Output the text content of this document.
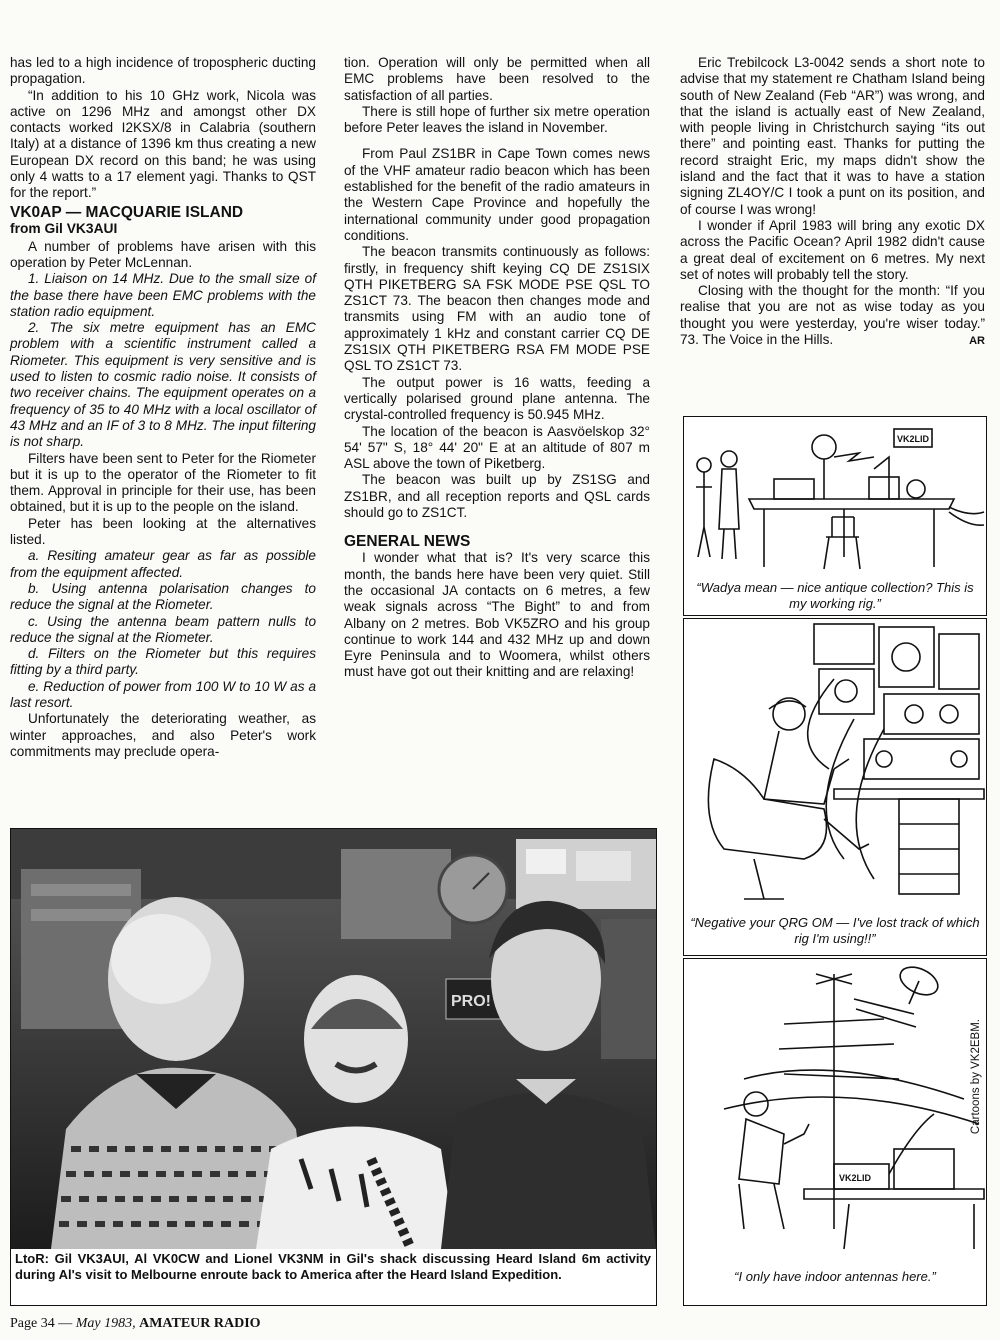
has led to a high incidence of tropospheric ducting propagation.

“In addition to his 10 GHz work, Nicola was active on 1296 MHz and amongst other DX contacts worked I2KSX/8 in Calabria (southern Italy) at a distance of 1396 km thus creating a new European DX record on this band; he was using only 4 watts to a 17 element yagi. Thanks to QST for the report.”

VK0AP — MACQUARIE ISLAND
from Gil VK3AUI

A number of problems have arisen with this operation by Peter McLennan.

1. Liaison on 14 MHz. Due to the small size of the base there have been EMC problems with the station radio equipment.

2. The six metre equipment has an EMC problem with a scientific instrument called a Riometer. This equipment is very sensitive and is used to listen to cosmic radio noise. It consists of two receiver chains. The equipment operates on a frequency of 35 to 40 MHz with a local oscillator of 43 MHz and an IF of 3 to 8 MHz. The input filtering is not sharp.

Filters have been sent to Peter for the Riometer but it is up to the operator of the Riometer to fit them. Approval in principle for their use, has been obtained, but it is up to the people on the island.

Peter has been looking at the alternatives listed.

a. Resiting amateur gear as far as possible from the equipment affected.

b. Using antenna polarisation changes to reduce the signal at the Riometer.

c. Using the antenna beam pattern nulls to reduce the signal at the Riometer.

d. Filters on the Riometer but this requires fitting by a third party.

e. Reduction of power from 100 W to 10 W as a last resort.

Unfortunately the deteriorating weather, as winter approaches, and also Peter's work commitments may preclude opera-

tion. Operation will only be permitted when all EMC problems have been resolved to the satisfaction of all parties.

There is still hope of further six metre operation before Peter leaves the island in November.

From Paul ZS1BR in Cape Town comes news of the VHF amateur radio beacon which has been established for the benefit of the radio amateurs in the Western Cape Province and hopefully the international community under good propagation conditions.

The beacon transmits continuously as follows: firstly, in frequency shift keying CQ DE ZS1SIX QTH PIKETBERG SA FSK MODE PSE QSL TO ZS1CT 73. The beacon then changes mode and transmits using FM with an audio tone of approximately 1 kHz and constant carrier CQ DE ZS1SIX QTH PIKETBERG RSA FM MODE PSE QSL TO ZS1CT 73.

The output power is 16 watts, feeding a vertically polarised ground plane antenna. The crystal-controlled frequency is 50.945 MHz.

The location of the beacon is Aasvöelskop 32° 54' 57" S, 18° 44' 20" E at an altitude of 807 m ASL above the town of Piketberg.

The beacon was built up by ZS1SG and ZS1BR, and all reception reports and QSL cards should go to ZS1CT.

GENERAL NEWS

I wonder what that is? It's very scarce this month, the bands here have been very quiet. Still the occasional JA contacts on 6 metres, a few weak signals across “The Bight” to and from Albany on 2 metres. Bob VK5ZRO and his group continue to work 144 and 432 MHz up and down Eyre Peninsula and to Woomera, whilst others must have got out their knitting and are relaxing!

Eric Trebilcock L3-0042 sends a short note to advise that my statement re Chatham Island being south of New Zealand (Feb “AR”) was wrong, and that the island is actually east of New Zealand, with people living in Christchurch saying “its out there” and pointing east. Thanks for putting the record straight Eric, my maps didn't show the island and the fact that it was to have a station signing ZL4OY/C I took a punt on its position, and of course I was wrong!

I wonder if April 1983 will bring any exotic DX across the Pacific Ocean? April 1982 didn't cause a great deal of excitement on 6 metres. My next set of notes will probably tell the story.

Closing with the thought for the month: “If you realise that you are not as wise today as you thought you were yesterday, you're wiser today.” 73. The Voice in the Hills.	AR
PRO!
LtoR: Gil VK3AUI, Al VK0CW and Lionel VK3NM in Gil's shack discussing Heard Island 6m activity during Al's visit to Melbourne enroute back to America after the Heard Island Expedition.
VK2LID
“Wadya mean — nice antique collection? This is my working rig.”
“Negative your QRG OM — I've lost track of which rig I'm using!!”
VK2LID
Cartoons by VK2EBM.
“I only have indoor antennas here.”
Page 34 — May 1983, AMATEUR RADIO
